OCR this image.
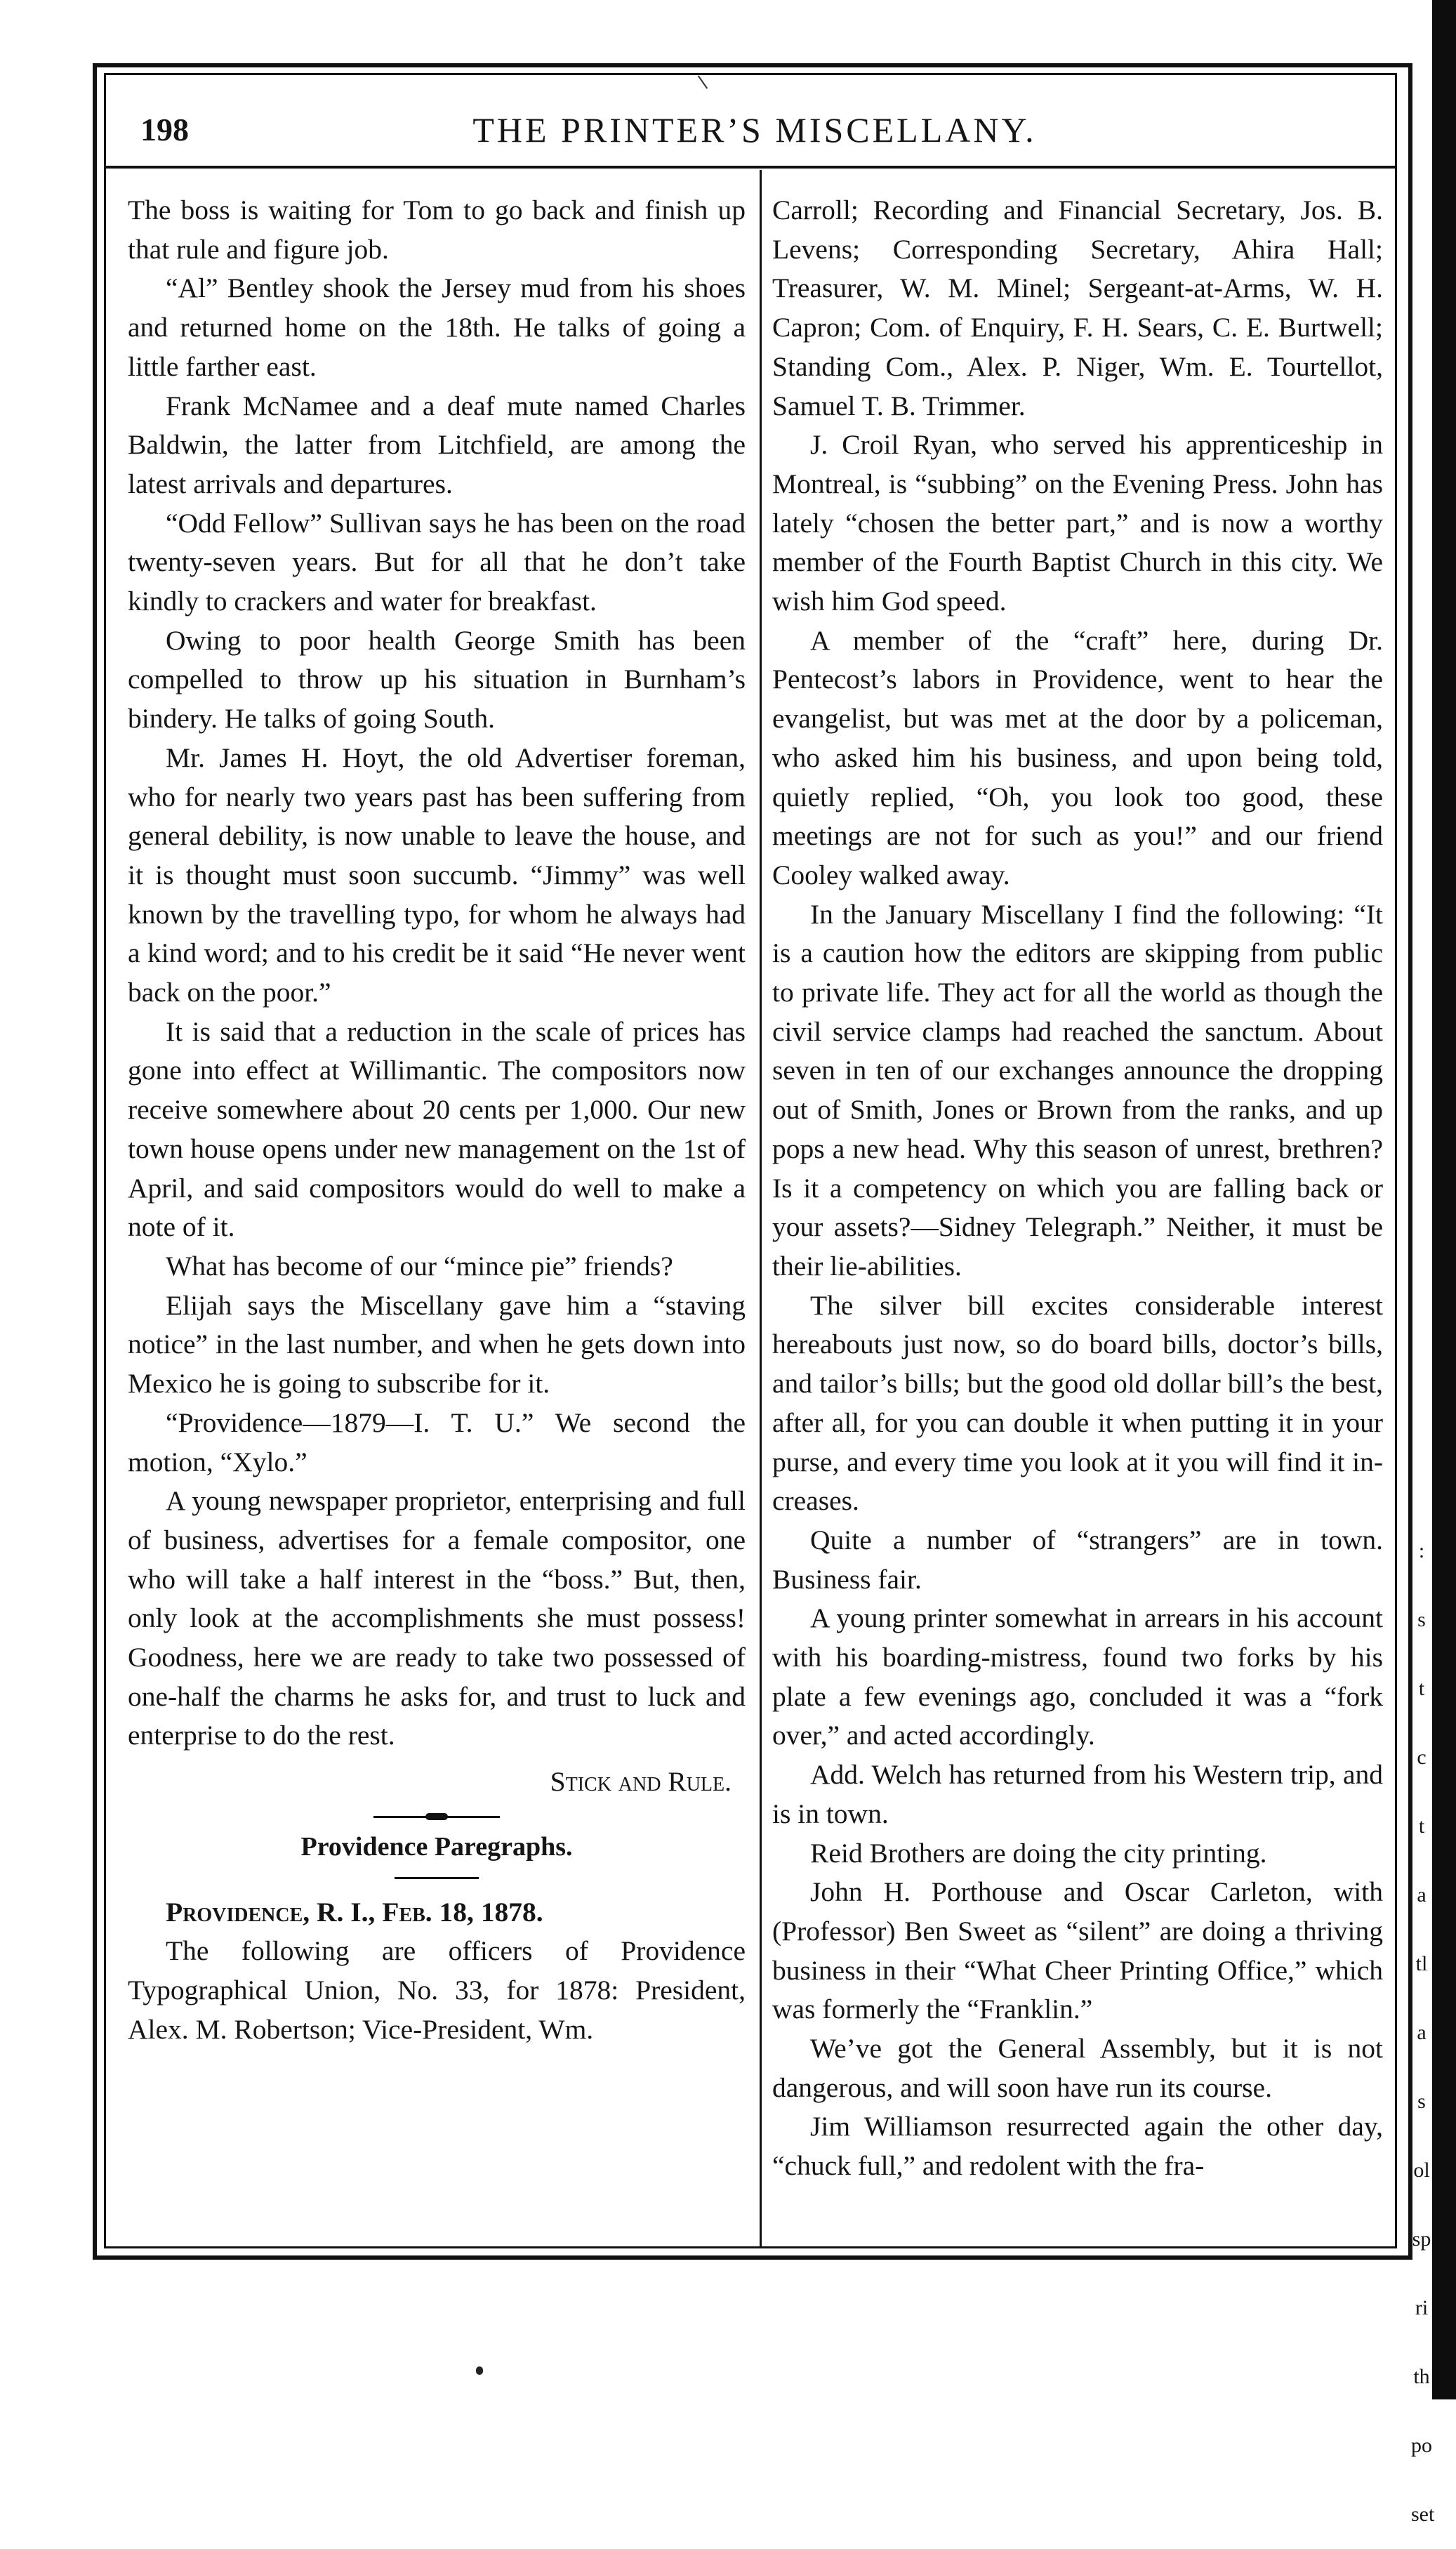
198	THE PRINTER’S MISCELLANY.

The boss is waiting for Tom to go back and finish up that rule and figure job.

“Al” Bentley shook the Jersey mud from his shoes and returned home on the 18th. He talks of going a little farther east.

Frank McNamee and a deaf mute named Charles Baldwin, the latter from Litchfield, are among the latest arrivals and departures.

“Odd Fellow” Sullivan says he has been on the road twenty-seven years. But for all that he don’t take kindly to crackers and water for breakfast.

Owing to poor health George Smith has been compelled to throw up his situation in Burnham’s bindery. He talks of going South.

Mr. James H. Hoyt, the old Advertiser foreman, who for nearly two years past has been suffering from general debility, is now unable to leave the house, and it is thought must soon succumb. “Jimmy” was well known by the travelling typo, for whom he always had a kind word; and to his credit be it said “He never went back on the poor.”

It is said that a reduction in the scale of prices has gone into effect at Willimantic. The compositors now receive somewhere about 20 cents per 1,000. Our new town house opens under new management on the 1st of April, and said compositors would do well to make a note of it.

What has become of our “mince pie” friends?

Elijah says the Miscellany gave him a “staving notice” in the last number, and when he gets down into Mexico he is going to subscribe for it.

“Providence—1879—I. T. U.” We second the motion, “Xylo.”

A young newspaper proprietor, enterprising and full of business, advertises for a female compositor, one who will take a half interest in the “boss.” But, then, only look at the accomplishments she must possess! Goodness, here we are ready to take two possessed of one-half the charms he asks for, and trust to luck and enterprise to do the rest.

Stick and Rule.
Providence Paregraphs.

Providence, R. I., Feb. 18, 1878.

The following are officers of Providence Typographical Union, No. 33, for 1878: President, Alex. M. Robertson; Vice-President, Wm.

Carroll; Recording and Financial Secretary, Jos. B. Levens; Corresponding Secretary, Ahira Hall; Treasurer, W. M. Minel; Sergeant-at-Arms, W. H. Capron; Com. of Enquiry, F. H. Sears, C. E. Burtwell; Standing Com., Alex. P. Niger, Wm. E. Tourtellot, Samuel T. B. Trimmer.

J. Croil Ryan, who served his apprenticeship in Montreal, is “subbing” on the Evening Press. John has lately “chosen the better part,” and is now a worthy member of the Fourth Baptist Church in this city. We wish him God speed.

A member of the “craft” here, during Dr. Pentecost’s labors in Providence, went to hear the evangelist, but was met at the door by a policeman, who asked him his business, and upon being told, quietly replied, “Oh, you look too good, these meetings are not for such as you!” and our friend Cooley walked away.

In the January Miscellany I find the following: “It is a caution how the editors are skipping from public to private life. They act for all the world as though the civil service clamps had reached the sanctum. About seven in ten of our exchanges announce the dropping out of Smith, Jones or Brown from the ranks, and up pops a new head. Why this season of unrest, brethren? Is it a competency on which you are falling back or your assets?—Sidney Telegraph.” Neither, it must be their lie-abilities.

The silver bill excites considerable interest hereabouts just now, so do board bills, doctor’s bills, and tailor’s bills; but the good old dollar bill’s the best, after all, for you can double it when putting it in your purse, and every time you look at it you will find it in-creases.

Quite a number of “strangers” are in town. Business fair.

A young printer somewhat in arrears in his account with his boarding-mistress, found two forks by his plate a few evenings ago, concluded it was a “fork over,” and acted accordingly.

Add. Welch has returned from his Western trip, and is in town.

Reid Brothers are doing the city printing.

John H. Porthouse and Oscar Carleton, with (Professor) Ben Sweet as “silent” are doing a thriving business in their “What Cheer Printing Office,” which was formerly the “Franklin.”

We’ve got the General Assembly, but it is not dangerous, and will soon have run its course.

Jim Williamson resurrected again the other day, “chuck full,” and redolent with the fra-

:
s
t
c
t
a
tl
a
s
ol
sp
ri
th
po
set
